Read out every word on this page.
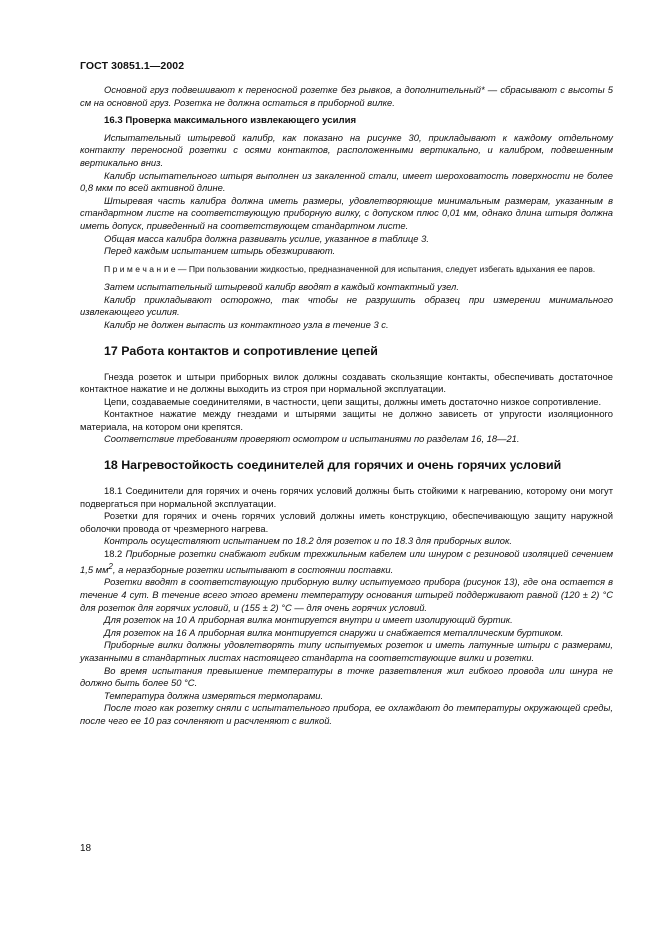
ГОСТ 30851.1—2002

Основной груз подвешивают к переносной розетке без рывков, а дополнительный* — сбрасывают с высоты 5 см на основной груз. Розетка не должна остаться в приборной вилке.

16.3 Проверка максимального извлекающего усилия

Испытательный штыревой калибр, как показано на рисунке 30, прикладывают к каждому отдельному контакту переносной розетки с осями контактов, расположенными вертикально, и калибром, подвешенным вертикально вниз.

Калибр испытательного штыря выполнен из закаленной стали, имеет шероховатость поверхности не более 0,8 мкм по всей активной длине.

Штыревая часть калибра должна иметь размеры, удовлетворяющие минимальным размерам, указанным в стандартном листе на соответствующую приборную вилку, с допуском плюс 0,01 мм, однако длина штыря должна иметь допуск, приведенный на соответствующем стандартном листе.

Общая масса калибра должна развивать усилие, указанное в таблице 3.

Перед каждым испытанием штырь обезжиривают.

П р и м е ч а н и е — При пользовании жидкостью, предназначенной для испытания, следует избегать вдыхания ее паров.

Затем испытательный штыревой калибр вводят в каждый контактный узел.

Калибр прикладывают осторожно, так чтобы не разрушить образец при измерении минимального извлекающего усилия.

Калибр не должен выпасть из контактного узла в течение 3 с.

17 Работа контактов и сопротивление цепей

Гнезда розеток и штыри приборных вилок должны создавать скользящие контакты, обеспечивать достаточное контактное нажатие и не должны выходить из строя при нормальной эксплуатации.

Цепи, создаваемые соединителями, в частности, цепи защиты, должны иметь достаточно низкое сопротивление.

Контактное нажатие между гнездами и штырями защиты не должно зависеть от упругости изоляционного материала, на котором они крепятся.

Соответствие требованиям проверяют осмотром и испытаниями по разделам 16, 18—21.

18 Нагревостойкость соединителей для горячих и очень горячих условий

18.1 Соединители для горячих и очень горячих условий должны быть стойкими к нагреванию, которому они могут подвергаться при нормальной эксплуатации.

Розетки для горячих и очень горячих условий должны иметь конструкцию, обеспечивающую защиту наружной оболочки провода от чрезмерного нагрева.

Контроль осуществляют испытанием по 18.2 для розеток и по 18.3 для приборных вилок.

18.2 Приборные розетки снабжают гибким трехжильным кабелем или шнуром с резиновой изоляцией сечением 1,5 $мм^2$, а неразборные розетки испытывают в состоянии поставки.

Розетки вводят в соответствующую приборную вилку испытуемого прибора (рисунок 13), где она остается в течение 4 сут. В течение всего этого времени температуру основания штырей поддерживают равной (120 ± 2) °С для розеток для горячих условий, и (155 ± 2) °С — для очень горячих условий.

Для розеток на 10 А приборная вилка монтируется внутри и имеет изолирующий буртик.

Для розеток на 16 А приборная вилка монтируется снаружи и снабжается металлическим буртиком.

Приборные вилки должны удовлетворять типу испытуемых розеток и иметь латунные штыри с размерами, указанными в стандартных листах настоящего стандарта на соответствующие вилки и розетки.

Во время испытания превышение температуры в точке разветвления жил гибкого провода или шнура не должно быть более 50 °С.

Температура должна измеряться термопарами.

После того как розетку сняли с испытательного прибора, ее охлаждают до температуры окружающей среды, после чего ее 10 раз сочленяют и расчленяют с вилкой.

18
